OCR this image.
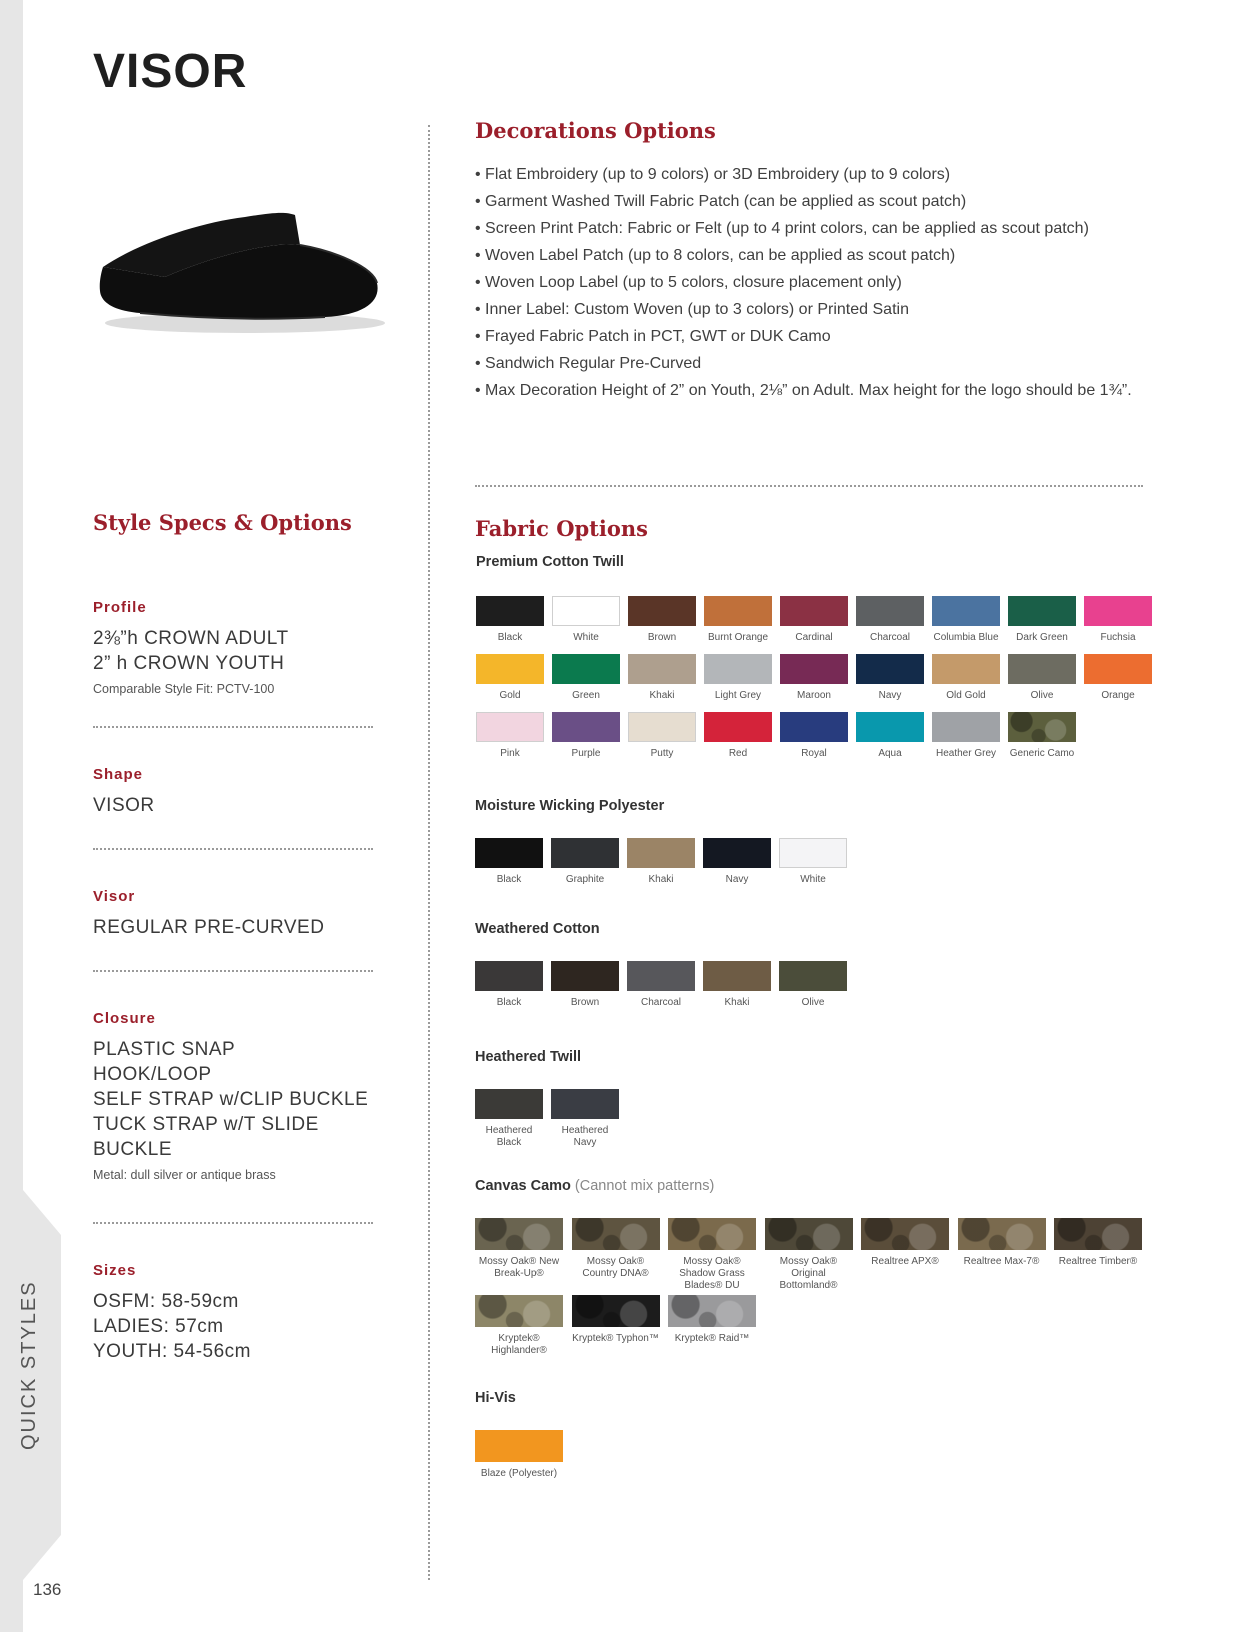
QUICK STYLES
136
VISOR
Style Specs & Options
Profile
2⅜”h CROWN ADULT
2” h CROWN YOUTH
Comparable Style Fit: PCTV-100
Shape
VISOR
Visor
REGULAR PRE-CURVED
Closure
PLASTIC SNAP
HOOK/LOOP
SELF STRAP w/CLIP BUCKLE
TUCK STRAP w/T SLIDE BUCKLE
Metal: dull silver or antique brass
Sizes
OSFM: 58-59cm
LADIES: 57cm
YOUTH: 54-56cm
Decorations Options
• Flat Embroidery (up to 9 colors) or 3D Embroidery (up to 9 colors)
• Garment Washed Twill Fabric Patch (can be applied as scout patch)
• Screen Print Patch: Fabric or Felt (up to 4 print colors, can be applied as scout patch)
• Woven Label Patch (up to 8 colors, can be applied as scout patch)
• Woven Loop Label (up to 5 colors, closure placement only)
• Inner Label: Custom Woven (up to 3 colors) or Printed Satin
• Frayed Fabric Patch in PCT, GWT or DUK Camo
• Sandwich Regular Pre-Curved
• Max Decoration Height of 2” on Youth, 2⅛” on Adult. Max height for the logo should be 1¾”.
Fabric Options
Premium Cotton Twill
Black	White	Brown	Burnt Orange	Cardinal	Charcoal	Columbia Blue	Dark Green	Fuchsia
Gold	Green	Khaki	Light Grey	Maroon	Navy	Old Gold	Olive	Orange
Pink	Purple	Putty	Red	Royal	Aqua	Heather Grey	Generic Camo
Moisture Wicking Polyester
Black	Graphite	Khaki	Navy	White
Weathered Cotton
Black	Brown	Charcoal	Khaki	Olive
Heathered Twill
Heathered Black
Heathered Navy
Canvas Camo (Cannot mix patterns)
Mossy Oak® New Break-Up®
Mossy Oak® Country DNA®
Mossy Oak® Shadow Grass Blades® DU
Mossy Oak® Original Bottomland®
Realtree APX®	Realtree Max-7®	Realtree Timber®
Kryptek® Highlander®
Kryptek® Typhon™	Kryptek® Raid™
Hi-Vis
Blaze (Polyester)
